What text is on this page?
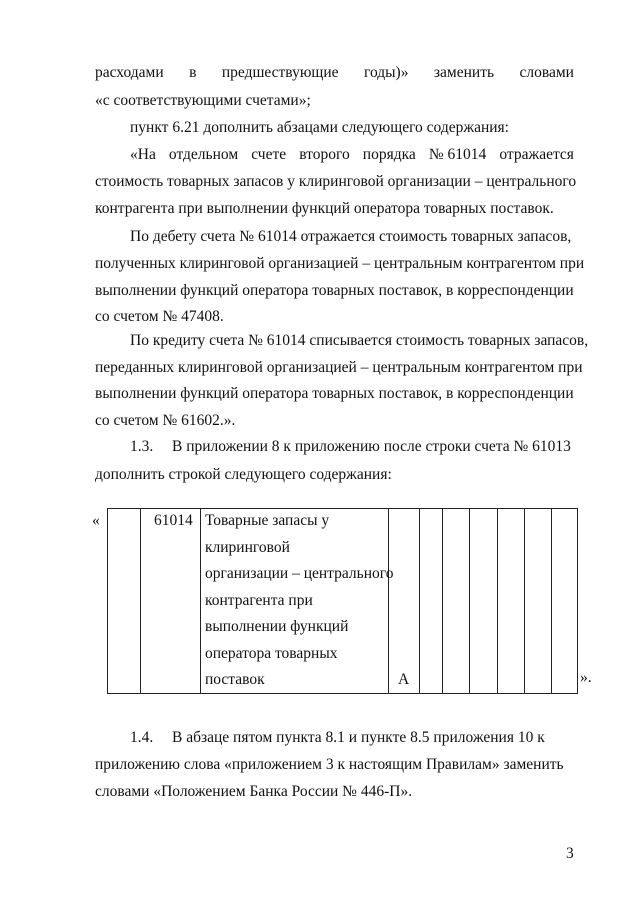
расходами в предшествующие годы)» заменить словами
«с соответствующими счетами»;
пункт 6.21 дополнить абзацами следующего содержания:
«На отдельном счете второго порядка № 61014 отражается
стоимость товарных запасов у клиринговой организации – центрального
контрагента при выполнении функций оператора товарных поставок.
По дебету счета № 61014 отражается стоимость товарных запасов,
полученных клиринговой организацией – центральным контрагентом при
выполнении функций оператора товарных поставок, в корреспонденции
со счетом № 47408.
По кредиту счета № 61014 списывается стоимость товарных запасов,
переданных клиринговой организацией – центральным контрагентом при
выполнении функций оператора товарных поставок, в корреспонденции
со счетом № 61602.».
1.3. В приложении 8 к приложению после строки счета № 61013
дополнить строкой следующего содержания:
«	61014 Товарные запасы у
клиринговой
организации – центрального
контрагента при
выполнении функций
оператора товарных
поставок	А	».
1.4. В абзаце пятом пункта 8.1 и пункте 8.5 приложения 10 к
приложению слова «приложением 3 к настоящим Правилам» заменить
словами «Положением Банка России № 446-П».
3
